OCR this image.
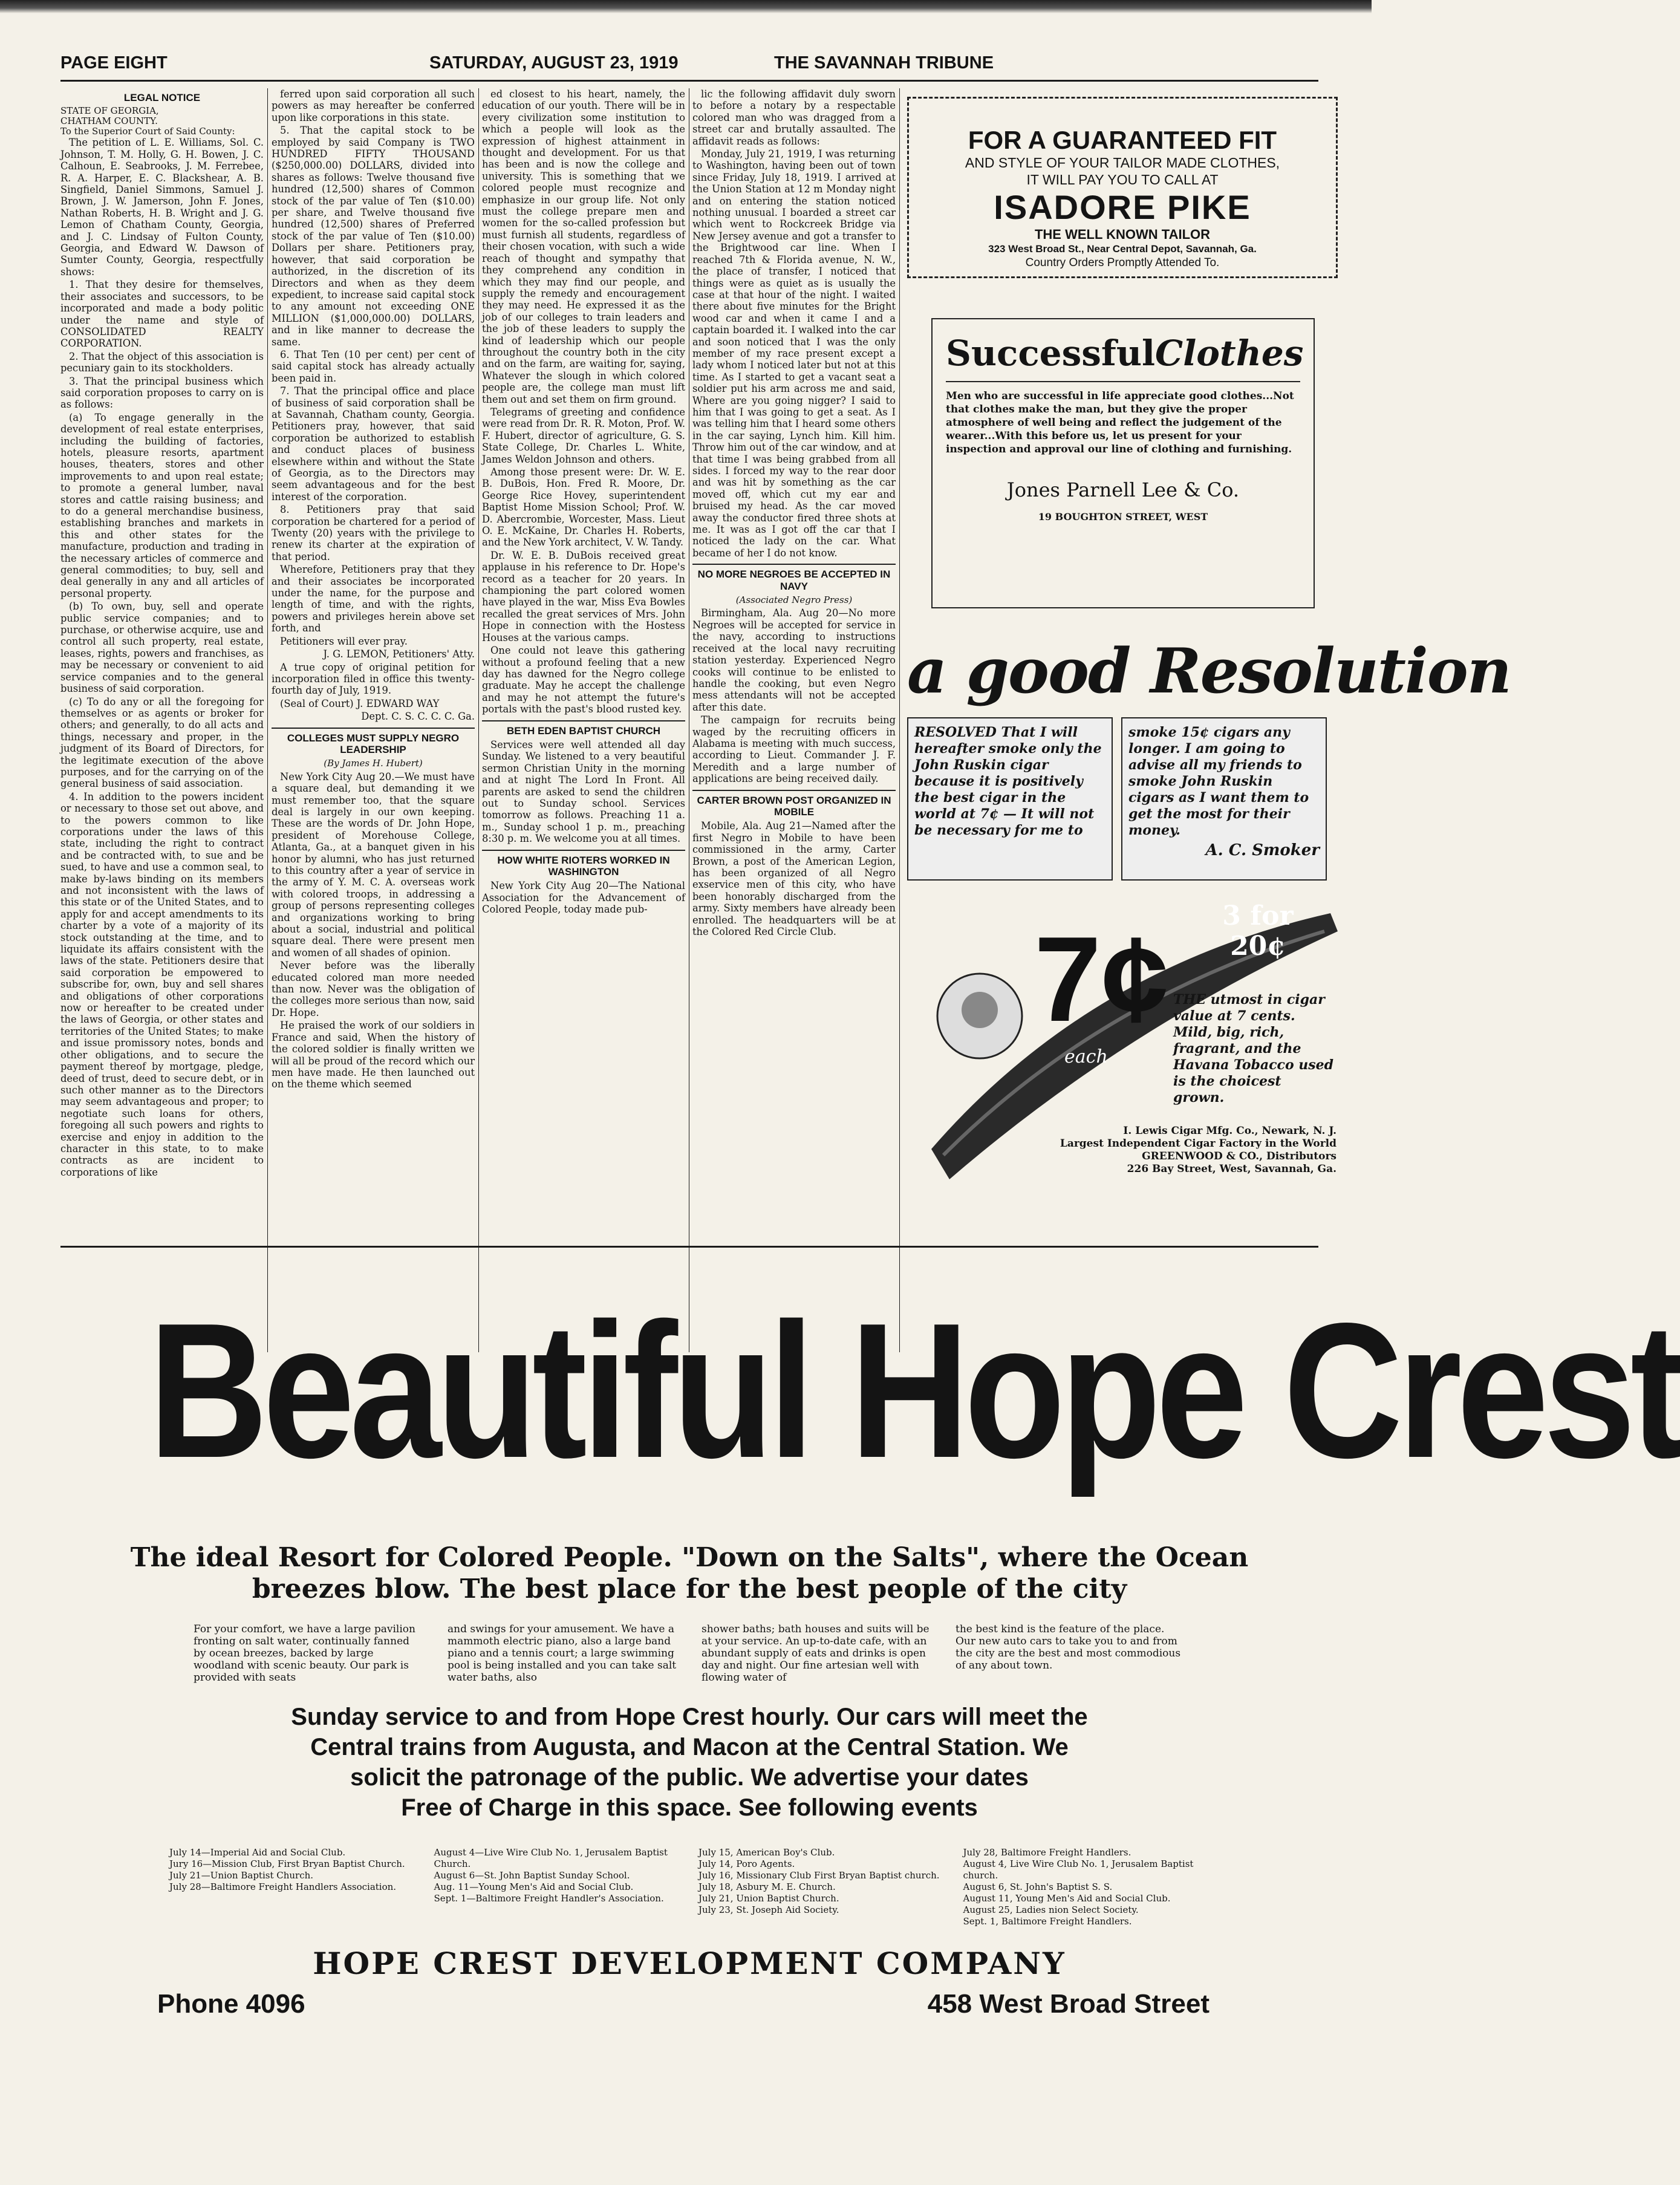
PAGE EIGHT	SATURDAY, AUGUST 23, 1919	THE SAVANNAH TRIBUNE
LEGAL NOTICE
STATE OF GEORGIA,
CHATHAM COUNTY.
To the Superior Court of Said County:

The petition of L. E. Williams, Sol. C. Johnson, T. M. Holly, G. H. Bowen, J. C. Calhoun, E. Seabrooks, J. M. Ferrebee, R. A. Harper, E. C. Blackshear, A. B. Singfield, Daniel Simmons, Samuel J. Brown, J. W. Jamerson, John F. Jones, Nathan Roberts, H. B. Wright and J. G. Lemon of Chatham County, Georgia, and J. C. Lindsay of Fulton County, Georgia, and Edward W. Dawson of Sumter County, Georgia, respectfully shows:

1. That they desire for themselves, their associates and successors, to be incorporated and made a body politic under the name and style of CONSOLIDATED REALTY CORPORATION.

2. That the object of this association is pecuniary gain to its stockholders.

3. That the principal business which said corporation proposes to carry on is as follows:

(a) To engage generally in the development of real estate enterprises, including the building of factories, hotels, pleasure resorts, apartment houses, theaters, stores and other improvements to and upon real estate; to promote a general lumber, naval stores and cattle raising business; and to do a general merchandise business, establishing branches and markets in this and other states for the manufacture, production and trading in the necessary articles of commerce and general commodities; to buy, sell and deal generally in any and all articles of personal property.

(b) To own, buy, sell and operate public service companies; and to purchase, or otherwise acquire, use and control all such property, real estate, leases, rights, powers and franchises, as may be necessary or convenient to aid service companies and to the general business of said corporation.

(c) To do any or all the foregoing for themselves or as agents or broker for others; and generally, to do all acts and things, necessary and proper, in the judgment of its Board of Directors, for the legitimate execution of the above purposes, and for the carrying on of the general business of said association.

4. In addition to the powers incident or necessary to those set out above, and to the powers common to like corporations under the laws of this state, including the right to contract and be contracted with, to sue and be sued, to have and use a common seal, to make by-laws binding on its members and not inconsistent with the laws of this state or of the United States, and to apply for and accept amendments to its charter by a vote of a majority of its stock outstanding at the time, and to liquidate its affairs consistent with the laws of the state. Petitioners desire that said corporation be empowered to subscribe for, own, buy and sell shares and obligations of other corporations now or hereafter to be created under the laws of Georgia, or other states and territories of the United States; to make and issue promissory notes, bonds and other obligations, and to secure the payment thereof by mortgage, pledge, deed of trust, deed to secure debt, or in such other manner as to the Directors may seem advantageous and proper; to negotiate such loans for others, foregoing all such powers and rights to exercise and enjoy in addition to the character in this state, to to make contracts as are incident to corporations of like

ferred upon said corporation all such powers as may hereafter be conferred upon like corporations in this state.

5. That the capital stock to be employed by said Company is TWO HUNDRED FIFTY THOUSAND ($250,000.00) DOLLARS, divided into shares as follows: Twelve thousand five hundred (12,500) shares of Common stock of the par value of Ten ($10.00) per share, and Twelve thousand five hundred (12,500) shares of Preferred stock of the par value of Ten ($10.00) Dollars per share. Petitioners pray, however, that said corporation be authorized, in the discretion of its Directors and when as they deem expedient, to increase said capital stock to any amount not exceeding ONE MILLION ($1,000,000.00) DOLLARS, and in like manner to decrease the same.

6. That Ten (10 per cent) per cent of said capital stock has already actually been paid in.

7. That the principal office and place of business of said corporation shall be at Savannah, Chatham county, Georgia. Petitioners pray, however, that said corporation be authorized to establish and conduct places of business elsewhere within and without the State of Georgia, as to the Directors may seem advantageous and for the best interest of the corporation.

8. Petitioners pray that said corporation be chartered for a period of Twenty (20) years with the privilege to renew its charter at the expiration of that period.

Wherefore, Petitioners pray that they and their associates be incorporated under the name, for the purpose and length of time, and with the rights, powers and privileges herein above set forth, and

Petitioners will ever pray.

J. G. LEMON, Petitioners' Atty.

A true copy of original petition for incorporation filed in office this twenty-fourth day of July, 1919.

(Seal of Court) J. EDWARD WAY

Dept. C. S. C. C. C. Ga.

COLLEGES MUST SUPPLY NEGRO LEADERSHIP
(By James H. Hubert)

New York City Aug 20.—We must have a square deal, but demanding it we must remember too, that the square deal is largely in our own keeping. These are the words of Dr. John Hope, president of Morehouse College, Atlanta, Ga., at a banquet given in his honor by alumni, who has just returned to this country after a year of service in the army of Y. M. C. A. overseas work with colored troops, in addressing a group of persons representing colleges and organizations working to bring about a social, industrial and political square deal. There were present men and women of all shades of opinion.

Never before was the liberally educated colored man more needed than now. Never was the obligation of the colleges more serious than now, said Dr. Hope.

He praised the work of our soldiers in France and said, When the history of the colored soldier is finally written we will all be proud of the record which our men have made. He then launched out on the theme which seemed

ed closest to his heart, namely, the education of our youth. There will be in every civilization some institution to which a people will look as the expression of highest attainment in thought and development. For us that has been and is now the college and university. This is something that we colored people must recognize and emphasize in our group life. Not only must the college prepare men and women for the so-called profession but must furnish all students, regardless of their chosen vocation, with such a wide reach of thought and sympathy that they comprehend any condition in which they may find our people, and supply the remedy and encouragement they may need. He expressed it as the job of our colleges to train leaders and the job of these leaders to supply the kind of leadership which our people throughout the country both in the city and on the farm, are waiting for, saying, Whatever the slough in which colored people are, the college man must lift them out and set them on firm ground.

Telegrams of greeting and confidence were read from Dr. R. R. Moton, Prof. W. F. Hubert, director of agriculture, G. S. State College, Dr. Charles L. White, James Weldon Johnson and others.

Among those present were: Dr. W. E. B. DuBois, Hon. Fred R. Moore, Dr. George Rice Hovey, superintendent Baptist Home Mission School; Prof. W. D. Abercrombie, Worcester, Mass. Lieut O. E. McKaine, Dr. Charles H. Roberts, and the New York architect, V. W. Tandy.

Dr. W. E. B. DuBois received great applause in his reference to Dr. Hope's record as a teacher for 20 years. In championing the part colored women have played in the war, Miss Eva Bowles recalled the great services of Mrs. John Hope in connection with the Hostess Houses at the various camps.

One could not leave this gathering without a profound feeling that a new day has dawned for the Negro college graduate. May he accept the challenge and may he not attempt the future's portals with the past's blood rusted key.

BETH EDEN BAPTIST CHURCH

Services were well attended all day Sunday. We listened to a very beautiful sermon Christian Unity in the morning and at night The Lord In Front. All parents are asked to send the children out to Sunday school. Services tomorrow as follows. Preaching 11 a. m., Sunday school 1 p. m., preaching 8:30 p. m. We welcome you at all times.

HOW WHITE RIOTERS WORKED IN WASHINGTON

New York City Aug 20—The National Association for the Advancement of Colored People, today made pub-

lic the following affidavit duly sworn to before a notary by a respectable colored man who was dragged from a street car and brutally assaulted. The affidavit reads as follows:

Monday, July 21, 1919, I was returning to Washington, having been out of town since Friday, July 18, 1919. I arrived at the Union Station at 12 m Monday night and on entering the station noticed nothing unusual. I boarded a street car which went to Rockcreek Bridge via New Jersey avenue and got a transfer to the Brightwood car line. When I reached 7th & Florida avenue, N. W., the place of transfer, I noticed that things were as quiet as is usually the case at that hour of the night. I waited there about five minutes for the Bright wood car and when it came I and a captain boarded it. I walked into the car and soon noticed that I was the only member of my race present except a lady whom I noticed later but not at this time. As I started to get a vacant seat a soldier put his arm across me and said, Where are you going nigger? I said to him that I was going to get a seat. As I was telling him that I heard some others in the car saying, Lynch him. Kill him. Throw him out of the car window, and at that time I was being grabbed from all sides. I forced my way to the rear door and was hit by something as the car moved off, which cut my ear and bruised my head. As the car moved away the conductor fired three shots at me. It was as I got off the car that I noticed the lady on the car. What became of her I do not know.

NO MORE NEGROES BE ACCEPTED IN NAVY
(Associated Negro Press)

Birmingham, Ala. Aug 20—No more Negroes will be accepted for service in the navy, according to instructions received at the local navy recruiting station yesterday. Experienced Negro cooks will continue to be enlisted to handle the cooking, but even Negro mess attendants will not be accepted after this date.

The campaign for recruits being waged by the recruiting officers in Alabama is meeting with much success, according to Lieut. Commander J. F. Meredith and a large number of applications are being received daily.

CARTER BROWN POST ORGANIZED IN MOBILE

Mobile, Ala. Aug 21—Named after the first Negro in Mobile to have been commissioned in the army, Carter Brown, a post of the American Legion, has been organized of all Negro exservice men of this city, who have been honorably discharged from the army. Sixty members have already been enrolled. The headquarters will be at the Colored Red Circle Club.

FOR A GUARANTEED FIT
AND STYLE OF YOUR TAILOR MADE CLOTHES,
IT WILL PAY YOU TO CALL AT
ISADORE PIKE
THE WELL KNOWN TAILOR
323 West Broad St., Near Central Depot, Savannah, Ga.
Country Orders Promptly Attended To.
Successful Clothes
Men who are successful in life appreciate good clothes...Not that clothes make the man, but they give the proper atmosphere of well being and reflect the judgement of the wearer...With this before us, let us present for your inspection and approval our line of clothing and furnishing.
Jones Parnell Lee & Co.
19 BOUGHTON STREET, WEST
a good Resolution
RESOLVED That I will hereafter smoke only the John Ruskin cigar because it is positively the best cigar in the world at 7¢ — It will not be necessary for me to
smoke 15¢ cigars any longer. I am going to advise all my friends to smoke John Ruskin cigars as I want them to get the most for their money.
A. C. Smoker
7¢
each
3 for 20¢
THE utmost in cigar value at 7 cents. Mild, big, rich, fragrant, and the Havana Tobacco used is the choicest grown.
I. Lewis Cigar Mfg. Co., Newark, N. J.
Largest Independent Cigar Factory in the World
GREENWOOD & CO., Distributors
226 Bay Street, West, Savannah, Ga.
Beautiful Hope Crest
The ideal Resort for Colored People. "Down on the Salts", where the Ocean
breezes blow. The best place for the best people of the city
For your comfort, we have a large pavilion fronting on salt water, continually fanned by ocean breezes, backed by large woodland with scenic beauty. Our park is provided with seats
and swings for your amusement. We have a mammoth electric piano, also a large band piano and a tennis court; a large swimming pool is being installed and you can take salt water baths, also
shower baths; bath houses and suits will be at your service. An up-to-date cafe, with an abundant supply of eats and drinks is open day and night. Our fine artesian well with flowing water of
the best kind is the feature of the place. Our new auto cars to take you to and from the city are the best and most commodious of any about town.
Sunday service to and from Hope Crest hourly. Our cars will meet the
Central trains from Augusta, and Macon at the Central Station. We
solicit the patronage of the public. We advertise your dates
Free of Charge in this space. See following events
July 14—Imperial Aid and Social Club.
Jury 16—Mission Club, First Bryan Baptist Church.
July 21—Union Baptist Church.
July 28—Baltimore Freight Handlers Association.
August 4—Live Wire Club No. 1, Jerusalem Baptist Church.
August 6—St. John Baptist Sunday School.
Aug. 11—Young Men's Aid and Social Club.
Sept. 1—Baltimore Freight Handler's Association.
July 15, American Boy's Club.
July 14, Poro Agents.
July 16, Missionary Club First Bryan Baptist church.
July 18, Asbury M. E. Church.
July 21, Union Baptist Church.
July 23, St. Joseph Aid Society.
July 28, Baltimore Freight Handlers.
August 4, Live Wire Club No. 1, Jerusalem Baptist church.
August 6, St. John's Baptist S. S.
August 11, Young Men's Aid and Social Club.
August 25, Ladies nion Select Society.
Sept. 1, Baltimore Freight Handlers.
HOPE CREST DEVELOPMENT COMPANY
Phone 4096	458 West Broad Street
